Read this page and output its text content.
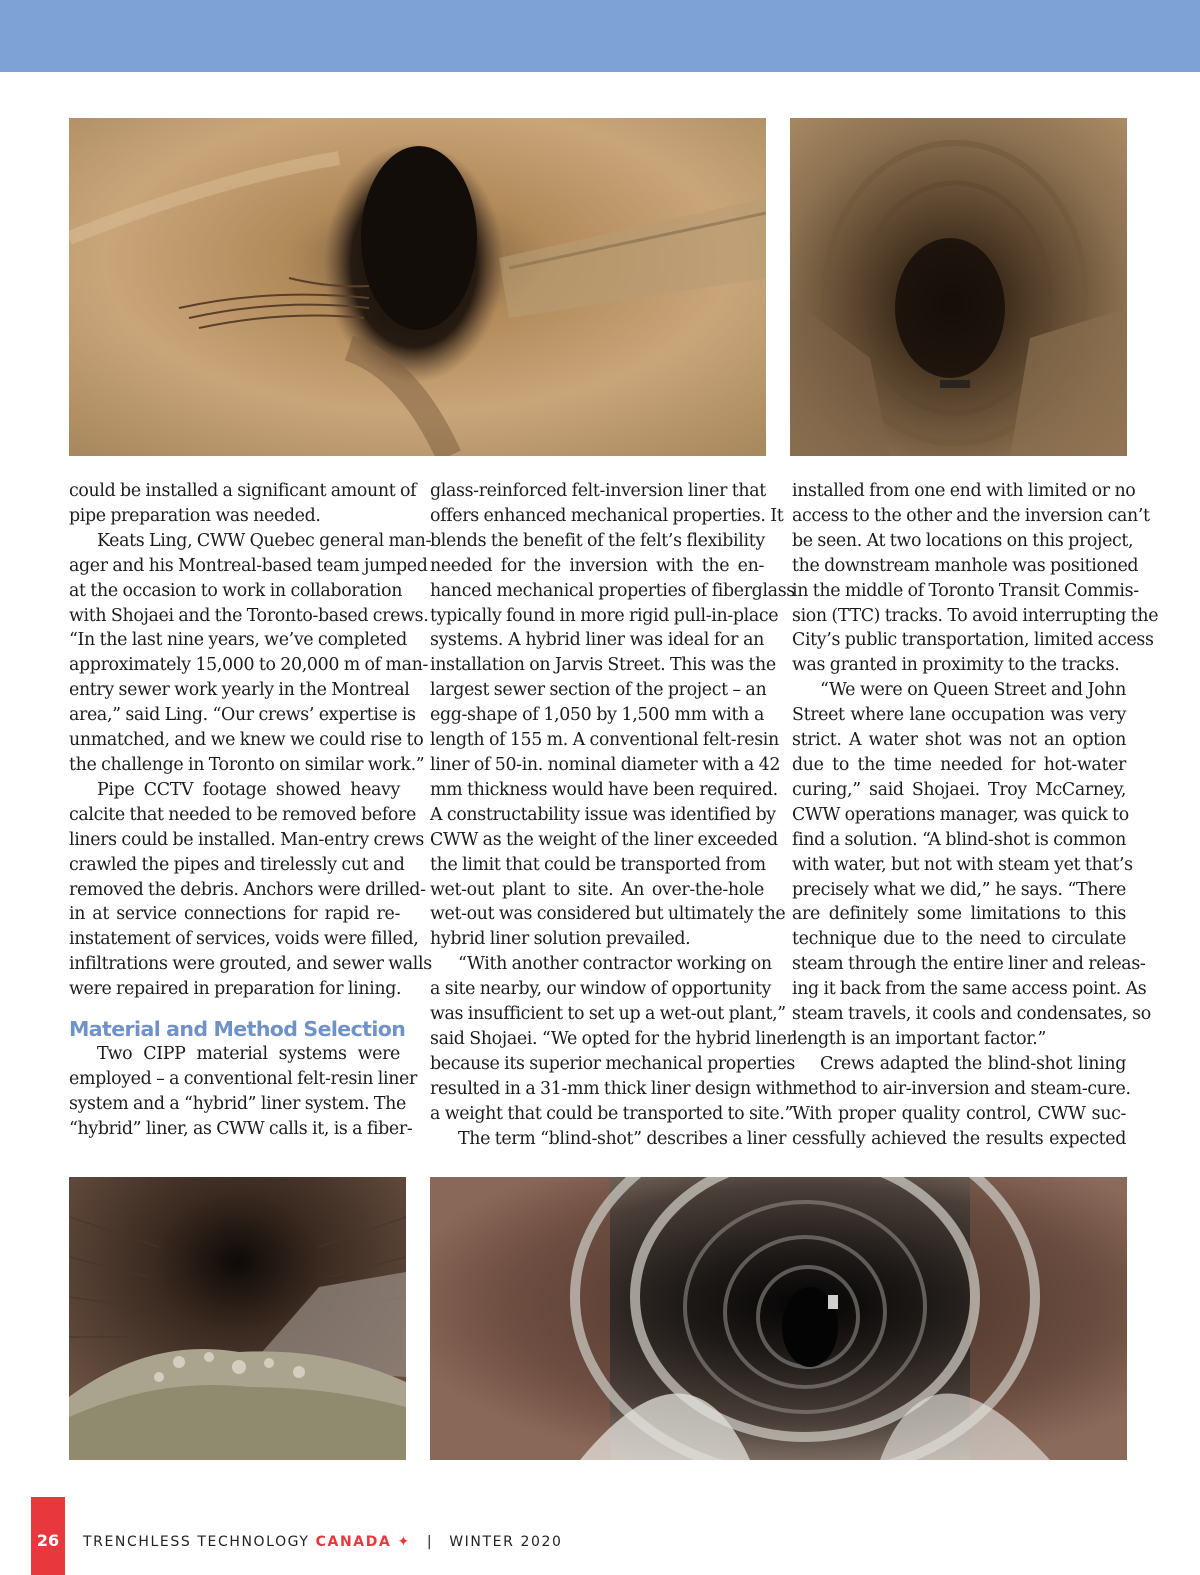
could be installed a significant amount of
pipe preparation was needed.
Keats Ling, CWW Quebec general man-
ager and his Montreal-based team jumped
at the occasion to work in collaboration
with Shojaei and the Toronto-based crews.
“In the last nine years, we’ve completed
approximately 15,000 to 20,000 m of man-
entry sewer work yearly in the Montreal
area,” said Ling. “Our crews’ expertise is
unmatched, and we knew we could rise to
the challenge in Toronto on similar work.”
Pipe CCTV footage showed heavy
calcite that needed to be removed before
liners could be installed. Man-entry crews
crawled the pipes and tirelessly cut and
removed the debris. Anchors were drilled-
in at service connections for rapid re-
instatement of services, voids were filled,
infiltrations were grouted, and sewer walls
were repaired in preparation for lining.
Material and Method Selection
Two CIPP material systems were
employed – a conventional felt-resin liner
system and a “hybrid” liner system. The
“hybrid” liner, as CWW calls it, is a fiber-
glass-reinforced felt-inversion liner that
offers enhanced mechanical properties. It
blends the benefit of the felt’s flexibility
needed for the inversion with the en-
hanced mechanical properties of fiberglass
typically found in more rigid pull-in-place
systems. A hybrid liner was ideal for an
installation on Jarvis Street. This was the
largest sewer section of the project – an
egg-shape of 1,050 by 1,500 mm with a
length of 155 m. A conventional felt-resin
liner of 50-in. nominal diameter with a 42
mm thickness would have been required.
A constructability issue was identified by
CWW as the weight of the liner exceeded
the limit that could be transported from
wet-out plant to site. An over-the-hole
wet-out was considered but ultimately the
hybrid liner solution prevailed.
“With another contractor working on
a site nearby, our window of opportunity
was insufficient to set up a wet-out plant,”
said Shojaei. “We opted for the hybrid liner
because its superior mechanical properties
resulted in a 31-mm thick liner design with
a weight that could be transported to site.”
The term “blind-shot” describes a liner
installed from one end with limited or no
access to the other and the inversion can’t
be seen. At two locations on this project,
the downstream manhole was positioned
in the middle of Toronto Transit Commis-
sion (TTC) tracks. To avoid interrupting the
City’s public transportation, limited access
was granted in proximity to the tracks.
“We were on Queen Street and John
Street where lane occupation was very
strict. A water shot was not an option
due to the time needed for hot-water
curing,” said Shojaei. Troy McCarney,
CWW operations manager, was quick to
find a solution. “A blind-shot is common
with water, but not with steam yet that’s
precisely what we did,” he says. “There
are definitely some limitations to this
technique due to the need to circulate
steam through the entire liner and releas-
ing it back from the same access point. As
steam travels, it cools and condensates, so
length is an important factor.”
Crews adapted the blind-shot lining
method to air-inversion and steam-cure.
With proper quality control, CWW suc-
cessfully achieved the results expected
26	TRENCHLESS TECHNOLOGY CANADA ✦ | WINTER 2020
